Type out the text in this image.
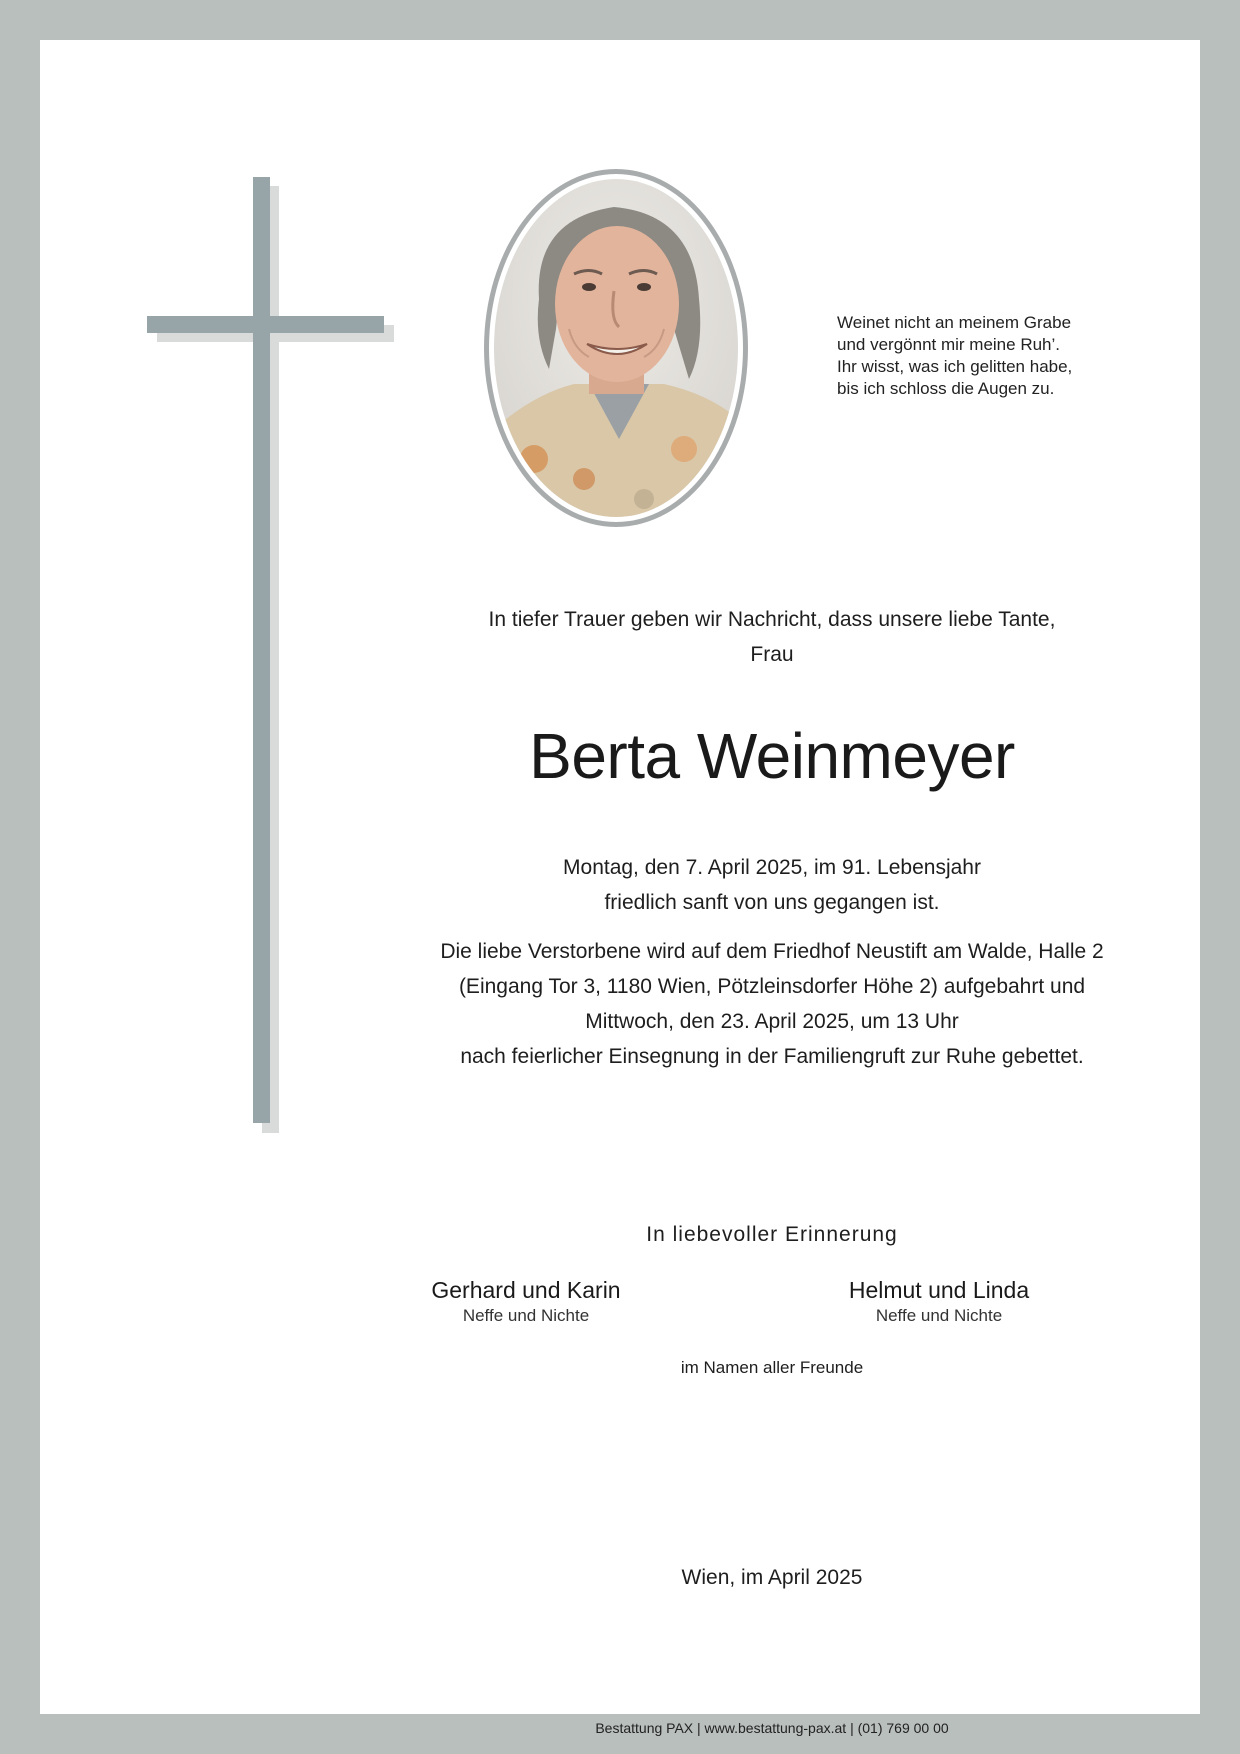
Weinet nicht an meinem Grabe
und vergönnt mir meine Ruh’.
Ihr wisst, was ich gelitten habe,
bis ich schloss die Augen zu.
In tiefer Trauer geben wir Nachricht, dass unsere liebe Tante,
Frau
Berta Weinmeyer
Montag, den 7. April 2025, im 91. Lebensjahr
friedlich sanft von uns gegangen ist.
Die liebe Verstorbene wird auf dem Friedhof Neustift am Walde, Halle 2
(Eingang Tor 3, 1180 Wien, Pötzleinsdorfer Höhe 2) aufgebahrt und
Mittwoch, den 23. April 2025, um 13 Uhr
nach feierlicher Einsegnung in der Familiengruft zur Ruhe gebettet.
In liebevoller Erinnerung
Gerhard und Karin
Neffe und Nichte
Helmut und Linda
Neffe und Nichte
im Namen aller Freunde
Wien, im April 2025
Bestattung PAX | www.bestattung-pax.at | (01) 769 00 00
